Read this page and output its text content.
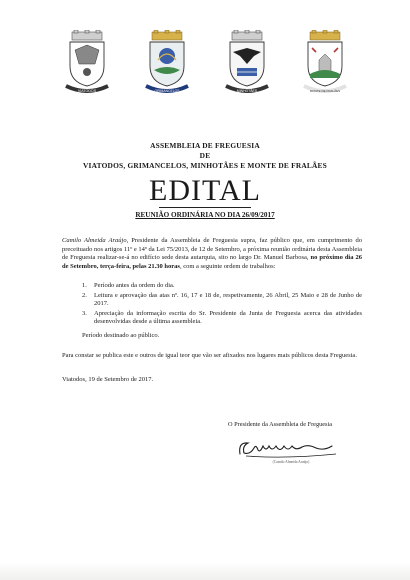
VIATODOS	GRIMANCELOS	MINHOTÃES	MONTE DE FRALÃES
ASSEMBLEIA DE FREGUESIA
DE
VIATODOS, GRIMANCELOS, MINHOTÃES E MONTE DE FRALÃES
EDITAL
REUNIÃO ORDINÁRIA NO DIA 26/09/2017
Camilo Almeida Araújo, Presidente da Assembleia de Freguesia supra, faz público que, em cumprimento do preceituado nos artigos 11º e 14º da Lei 75/2013, de 12 de Setembro, a próxima reunião ordinária desta Assembleia de Freguesia realizar-se-á no edifício sede desta autarquia, sito no largo Dr. Manuel Barbosa, no próximo dia 26 de Setembro, terça-feira, pelas 21.30 horas, com a seguinte ordem de trabalhos:
1. Período antes da ordem do dia.
2. Leitura e aprovação das atas nº. 16, 17 e 18 de, respetivamente, 26 Abril, 25 Maio e 28 de Junho de 2017.
3. Apreciação da informação escrita do Sr. Presidente da Junta de Freguesia acerca das atividades desenvolvidas desde a última assembleia.
Período destinado ao público.
Para constar se publica este e outros de igual teor que vão ser afixados nos lugares mais públicos desta Freguesia.
Viatodos, 19 de Setembro de 2017.
O Presidente da Assembleia de Freguesia
(Camilo Almeida Araújo)
